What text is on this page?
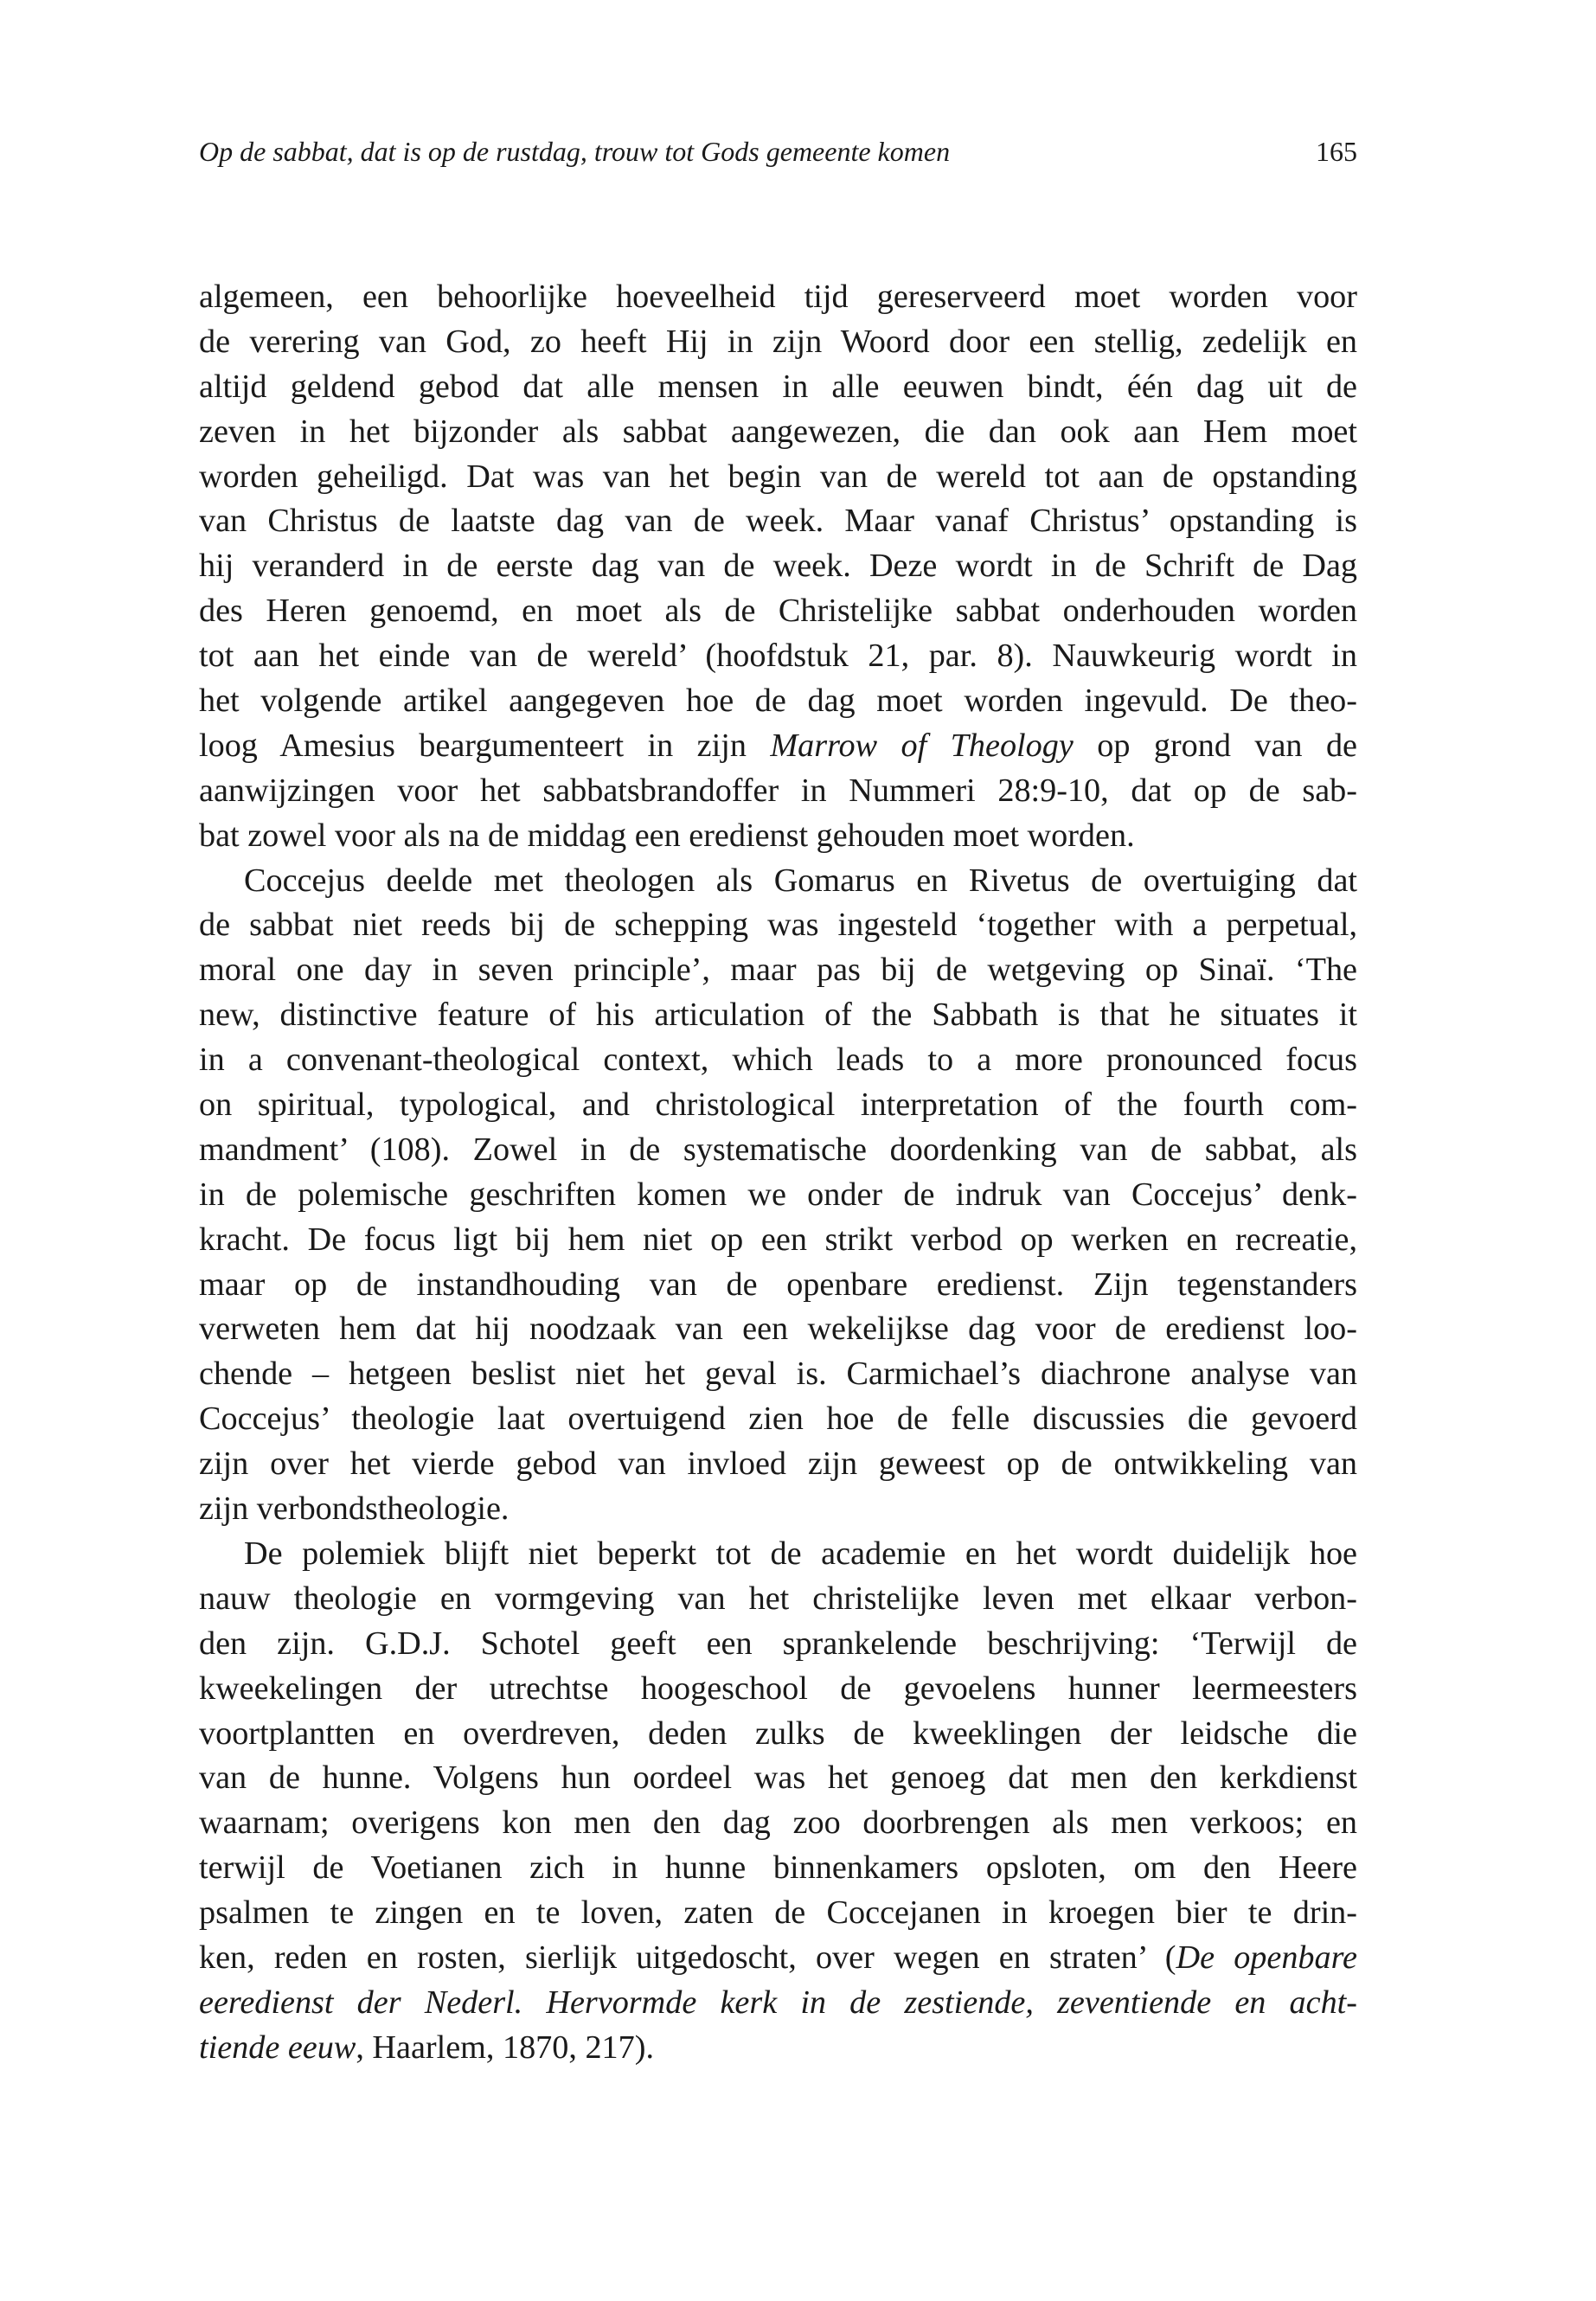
Op de sabbat, dat is op de rustdag, trouw tot Gods gemeente komen	165
algemeen, een behoorlijke hoeveelheid tijd gereserveerd moet worden voor
de verering van God, zo heeft Hij in zijn Woord door een stellig, zedelijk en
altijd geldend gebod dat alle mensen in alle eeuwen bindt, één dag uit de
zeven in het bijzonder als sabbat aangewezen, die dan ook aan Hem moet
worden geheiligd. Dat was van het begin van de wereld tot aan de opstanding
van Christus de laatste dag van de week. Maar vanaf Christus’ opstanding is
hij veranderd in de eerste dag van de week. Deze wordt in de Schrift de Dag
des Heren genoemd, en moet als de Christelijke sabbat onderhouden worden
tot aan het einde van de wereld’ (hoofdstuk 21, par. 8). Nauwkeurig wordt in
het volgende artikel aangegeven hoe de dag moet worden ingevuld. De theo-
loog Amesius beargumenteert in zijn Marrow of Theology op grond van de
aanwijzingen voor het sabbatsbrandoffer in Nummeri 28:9-10, dat op de sab-
bat zowel voor als na de middag een eredienst gehouden moet worden.
Coccejus deelde met theologen als Gomarus en Rivetus de overtuiging dat
de sabbat niet reeds bij de schepping was ingesteld ‘together with a perpetual,
moral one day in seven principle’, maar pas bij de wetgeving op Sinaï. ‘The
new, distinctive feature of his articulation of the Sabbath is that he situates it
in a convenant-theological context, which leads to a more pronounced focus
on spiritual, typological, and christological interpretation of the fourth com-
mandment’ (108). Zowel in de systematische doordenking van de sabbat, als
in de polemische geschriften komen we onder de indruk van Coccejus’ denk-
kracht. De focus ligt bij hem niet op een strikt verbod op werken en recreatie,
maar op de instandhouding van de openbare eredienst. Zijn tegenstanders
verweten hem dat hij noodzaak van een wekelijkse dag voor de eredienst loo-
chende – hetgeen beslist niet het geval is. Carmichael’s diachrone analyse van
Coccejus’ theologie laat overtuigend zien hoe de felle discussies die gevoerd
zijn over het vierde gebod van invloed zijn geweest op de ontwikkeling van
zijn verbondstheologie.
De polemiek blijft niet beperkt tot de academie en het wordt duidelijk hoe
nauw theologie en vormgeving van het christelijke leven met elkaar verbon-
den zijn. G.D.J. Schotel geeft een sprankelende beschrijving: ‘Terwijl de
kweekelingen der utrechtse hoogeschool de gevoelens hunner leermeesters
voortplantten en overdreven, deden zulks de kweeklingen der leidsche die
van de hunne. Volgens hun oordeel was het genoeg dat men den kerkdienst
waarnam; overigens kon men den dag zoo doorbrengen als men verkoos; en
terwijl de Voetianen zich in hunne binnenkamers opsloten, om den Heere
psalmen te zingen en te loven, zaten de Coccejanen in kroegen bier te drin-
ken, reden en rosten, sierlijk uitgedoscht, over wegen en straten’ (De openbare
eeredienst der Nederl. Hervormde kerk in de zestiende, zeventiende en acht-
tiende eeuw, Haarlem, 1870, 217).
